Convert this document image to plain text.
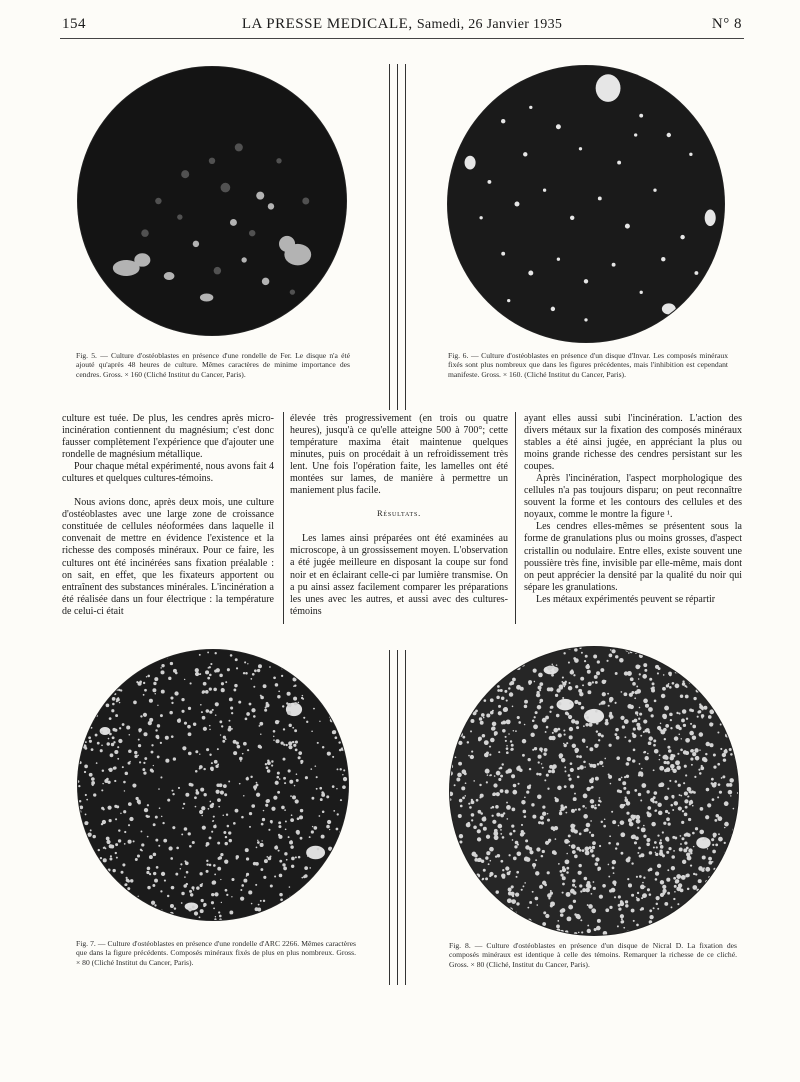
154	LA PRESSE MEDICALE, Samedi, 26 Janvier 1935	N° 8
Fig. 5. — Culture d'ostéoblastes en présence d'une rondelle de Fer. Le disque n'a été ajouté qu'après 48 heures de culture. Mêmes caractères de minime importance des cendres. Gross. × 160 (Cliché Institut du Cancer, Paris).
Fig. 6. — Culture d'ostéoblastes en présence d'un disque d'Invar. Les composés minéraux fixés sont plus nombreux que dans les figures précédentes, mais l'inhibition est cependant manifeste. Gross. × 160. (Cliché Institut du Cancer, Paris).

culture est tuée. De plus, les cendres après micro-incinération contiennent du magnésium; c'est donc fausser complètement l'expérience que d'ajouter une rondelle de magnésium métallique.

Pour chaque métal expérimenté, nous avons fait 4 cultures et quelques cultures-témoins.

Nous avions donc, après deux mois, une culture d'ostéoblastes avec une large zone de croissance constituée de cellules néoformées dans laquelle il convenait de mettre en évidence l'existence et la richesse des composés minéraux. Pour ce faire, les cultures ont été incinérées sans fixation préalable : on sait, en effet, que les fixateurs apportent ou entraînent des substances minérales. L'incinération a été réalisée dans un four électrique : la température de celui-ci était

élevée très progressivement (en trois ou quatre heures), jusqu'à ce qu'elle atteigne 500 à 700°; cette température maxima était maintenue quelques minutes, puis on procédait à un refroidissement très lent. Une fois l'opération faite, les lamelles ont été montées sur lames, de manière à permettre un maniement plus facile.

Résultats.

Les lames ainsi préparées ont été examinées au microscope, à un grossissement moyen. L'observation a été jugée meilleure en disposant la coupe sur fond noir et en éclairant celle-ci par lumière transmise. On a pu ainsi assez facilement comparer les préparations les unes avec les autres, et aussi avec des cultures-témoins

ayant elles aussi subi l'incinération. L'action des divers métaux sur la fixation des composés minéraux stables a été ainsi jugée, en appréciant la plus ou moins grande richesse des cendres persistant sur les coupes.

Après l'incinération, l'aspect morphologique des cellules n'a pas toujours disparu; on peut reconnaître souvent la forme et les contours des cellules et des noyaux, comme le montre la figure ¹.

Les cendres elles-mêmes se présentent sous la forme de granulations plus ou moins grosses, d'aspect cristallin ou nodulaire. Entre elles, existe souvent une poussière très fine, invisible par elle-même, mais dont on peut apprécier la densité par la qualité du noir qui sépare les granulations.

Les métaux expérimentés peuvent se répartir

Fig. 7. — Culture d'ostéoblastes en présence d'une rondelle d'ARC 2266. Mêmes caractères que dans la figure précédents. Composés minéraux fixés de plus en plus nombreux. Gross. × 80 (Cliché Institut du Cancer, Paris).
Fig. 8. — Culture d'ostéoblastes en présence d'un disque de Nicral D. La fixation des composés minéraux est identique à celle des témoins. Remarquer la richesse de ce cliché. Gross. × 80 (Cliché, Institut du Cancer, Paris).
